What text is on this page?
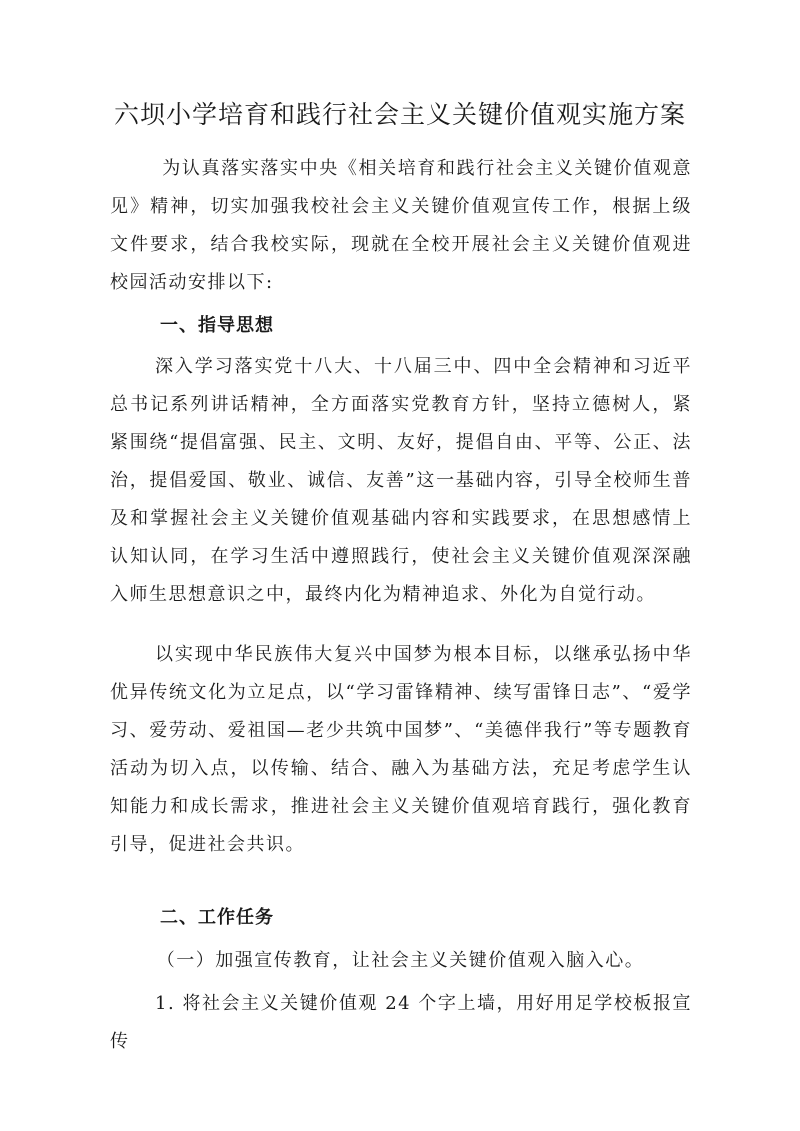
六坝小学培育和践行社会主义关键价值观实施方案

为认真落实落实中央《相关培育和践行社会主义关键价值观意见》精神，切实加强我校社会主义关键价值观宣传工作，根据上级文件要求，结合我校实际，现就在全校开展社会主义关键价值观进校园活动安排以下:

一、指导思想

深入学习落实党十八大、十八届三中、四中全会精神和习近平总书记系列讲话精神，全方面落实党教育方针，坚持立德树人，紧紧围绕“提倡富强、民主、文明、友好，提倡自由、平等、公正、法治，提倡爱国、敬业、诚信、友善”这一基础内容，引导全校师生普及和掌握社会主义关键价值观基础内容和实践要求，在思想感情上认知认同，在学习生活中遵照践行，使社会主义关键价值观深深融入师生思想意识之中，最终内化为精神追求、外化为自觉行动。

以实现中华民族伟大复兴中国梦为根本目标，以继承弘扬中华优异传统文化为立足点，以“学习雷锋精神、续写雷锋日志”、“爱学习、爱劳动、爱祖国—老少共筑中国梦”、“美德伴我行”等专题教育活动为切入点，以传输、结合、融入为基础方法，充足考虑学生认知能力和成长需求，推进社会主义关键价值观培育践行，强化教育引导，促进社会共识。

二、工作任务

（一）加强宣传教育，让社会主义关键价值观入脑入心。

1. 将社会主义关键价值观 24 个字上墙，用好用足学校板报宣传
